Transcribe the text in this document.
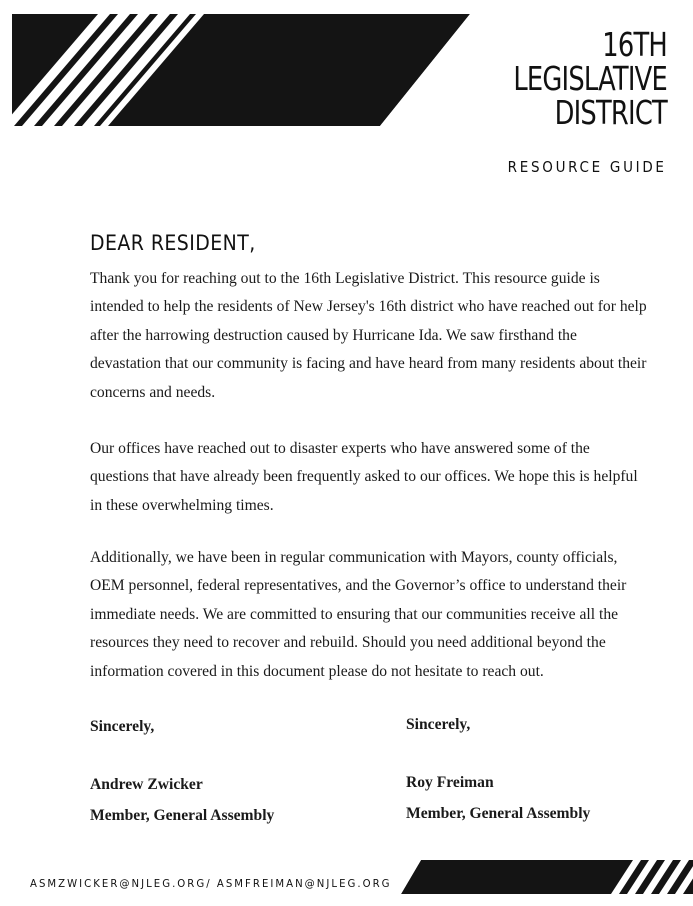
16TH
LEGISLATIVE
DISTRICT
RESOURCE GUIDE
DEAR RESIDENT,
Thank you for reaching out to the 16th Legislative District. This resource guide is intended to help the residents of New Jersey's 16th district who have reached out for help after the harrowing destruction caused by Hurricane Ida. We saw firsthand the devastation that our community is facing and have heard from many residents about their concerns and needs.
Our offices have reached out to disaster experts who have answered some of the questions that have already been frequently asked to our offices. We hope this is helpful in these overwhelming times.
Additionally, we have been in regular communication with Mayors, county officials, OEM personnel, federal representatives, and the Governor’s office to understand their immediate needs. We are committed to ensuring that our communities receive all the resources they need to recover and rebuild. Should you need additional beyond the information covered in this document please do not hesitate to reach out.
Sincerely,	Sincerely,
Andrew Zwicker	Roy Freiman
Member, General Assembly	Member, General Assembly
ASMZWICKER@NJLEG.ORG/ ASMFREIMAN@NJLEG.ORG
